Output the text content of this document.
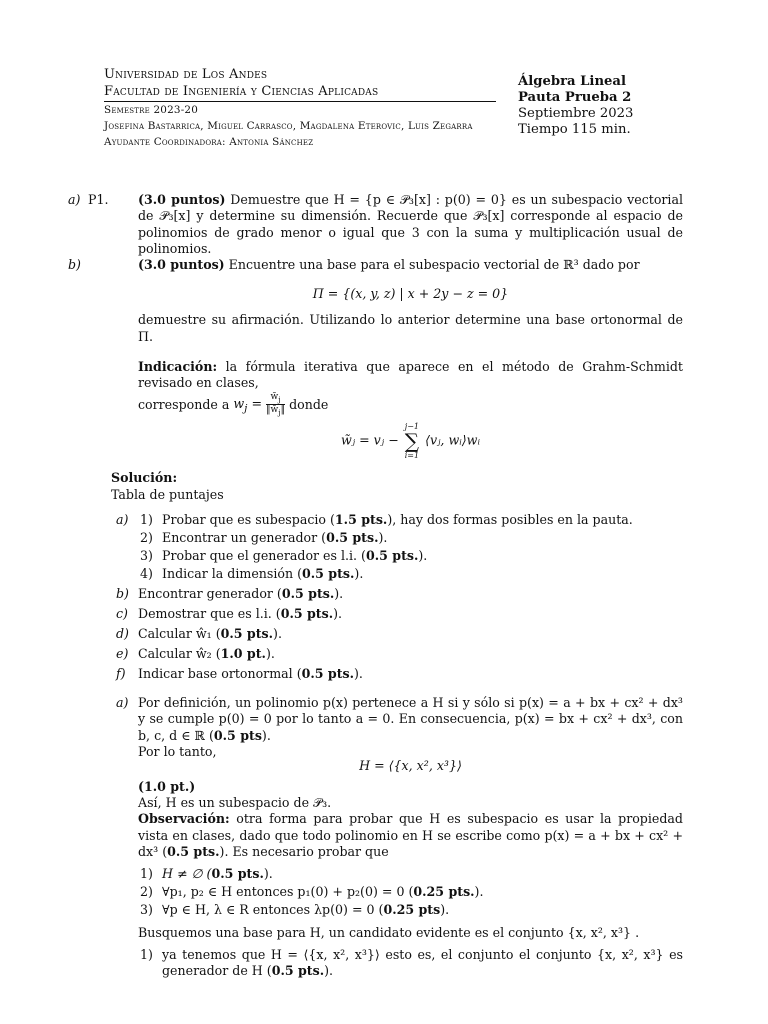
Universidad de Los Andes
Facultad de Ingeniería y Ciencias Aplicadas
Semestre 2023-20
Josefina Bastarrica, Miguel Carrasco, Magdalena Eterovic, Luis Zegarra
Ayudante Coordinadora: Antonia Sánchez
Álgebra Lineal
Pauta Prueba 2
Septiembre 2023
Tiempo 115 min.
P1.
a)	(3.0 puntos) Demuestre que H = {p ∈ 𝒫₃[x] : p(0) = 0} es un subespacio vectorial de 𝒫₃[x] y determine su dimensión. Recuerde que 𝒫₃[x] corresponde al espacio de polinomios de grado menor o igual que 3 con la suma y multiplicación usual de polinomios.
b)	(3.0 puntos) Encuentre una base para el subespacio vectorial de ℝ³ dado por
Π = {(x, y, z) | x + 2y − z = 0}
demuestre su afirmación. Utilizando lo anterior determine una base ortonormal de Π.
Indicación: la fórmula iterativa que aparece en el método de Grahm-Schmidt revisado en clases,
corresponde a $w_j = \frac{w̃_j}{‖w̃_j‖}$ donde
w̃ⱼ = vⱼ − j−1
∑
i=1 ⟨vⱼ, wᵢ⟩wᵢ
Solución:
Tabla de puntajes
a) 1) Probar que es subespacio (1.5 pts.), hay dos formas posibles en la pauta.
2) Encontrar un generador (0.5 pts.).
3) Probar que el generador es l.i. (0.5 pts.).
4) Indicar la dimensión (0.5 pts.).
b) Encontrar generador (0.5 pts.).
c) Demostrar que es l.i. (0.5 pts.).
d) Calcular ŵ₁ (0.5 pts.).
e) Calcular ŵ₂ (1.0 pt.).
f) Indicar base ortonormal (0.5 pts.).
a) Por definición, un polinomio p(x) pertenece a H si y sólo si p(x) = a + bx + cx² + dx³ y se cumple p(0) = 0 por lo tanto a = 0. En consecuencia, p(x) = bx + cx² + dx³, con b, c, d ∈ ℝ (0.5 pts).
Por lo tanto,
H = ⟨{x, x², x³}⟩
(1.0 pt.)
Así, H es un subespacio de 𝒫₃.
Observación: otra forma para probar que H es subespacio es usar la propiedad vista en clases, dado que todo polinomio en H se escribe como p(x) = a + bx + cx² + dx³ (0.5 pts.). Es necesario probar que
1) H ≠ ∅ (0.5 pts.).
2) ∀p₁, p₂ ∈ H entonces p₁(0) + p₂(0) = 0 (0.25 pts.).
3) ∀p ∈ H, λ ∈ R entonces λp(0) = 0 (0.25 pts).
Busquemos una base para H, un candidato evidente es el conjunto {x, x², x³} .
1) ya tenemos que H = ⟨{x, x², x³}⟩ esto es, el conjunto el conjunto {x, x², x³} es generador de H (0.5 pts.).
